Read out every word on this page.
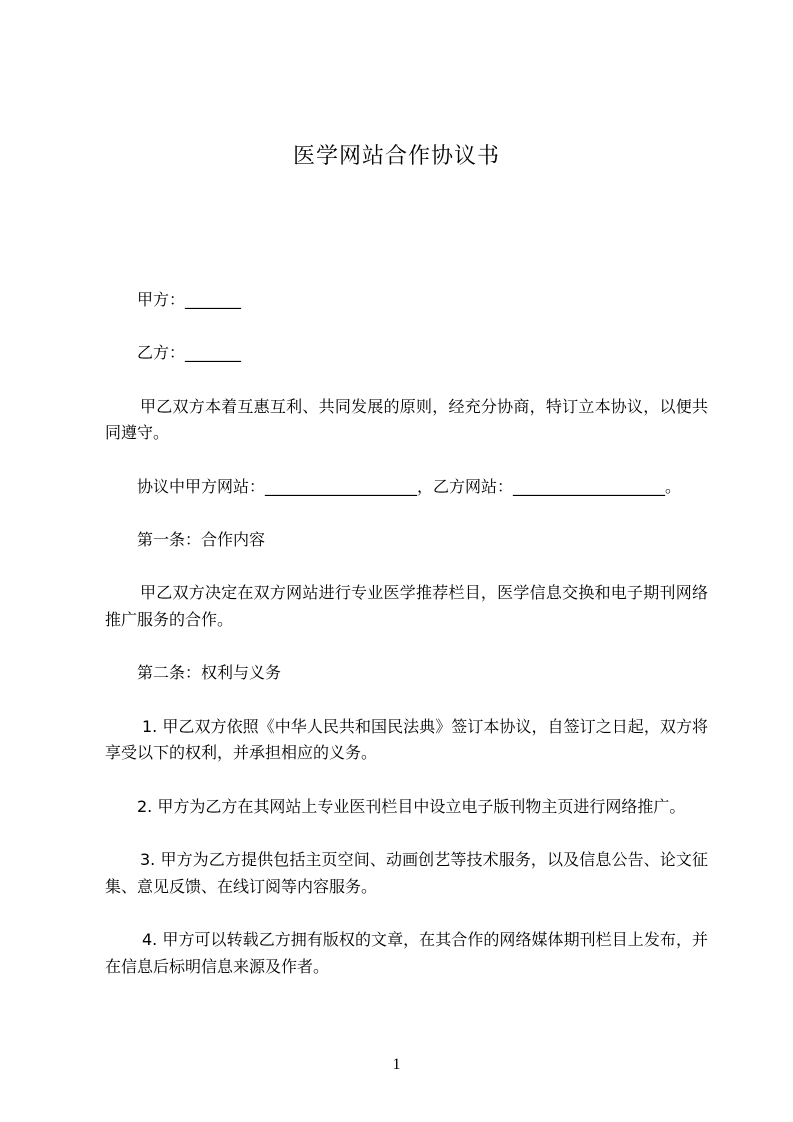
医学网站合作协议书
甲方：_______
乙方：_______
甲乙双方本着互惠互利、共同发展的原则，经充分协商，特订立本协议，以便共
同遵守。
协议中甲方网站：___________________，乙方网站：___________________。
第一条：合作内容
甲乙双方决定在双方网站进行专业医学推荐栏目，医学信息交换和电子期刊网络
推广服务的合作。
第二条：权利与义务
1. 甲乙双方依照《中华人民共和国民法典》签订本协议，自签订之日起，双方将
享受以下的权利，并承担相应的义务。
2. 甲方为乙方在其网站上专业医刊栏目中设立电子版刊物主页进行网络推广。
3. 甲方为乙方提供包括主页空间、动画创艺等技术服务，以及信息公告、论文征
集、意见反馈、在线订阅等内容服务。
4. 甲方可以转载乙方拥有版权的文章，在其合作的网络媒体期刊栏目上发布，并
在信息后标明信息来源及作者。
1
